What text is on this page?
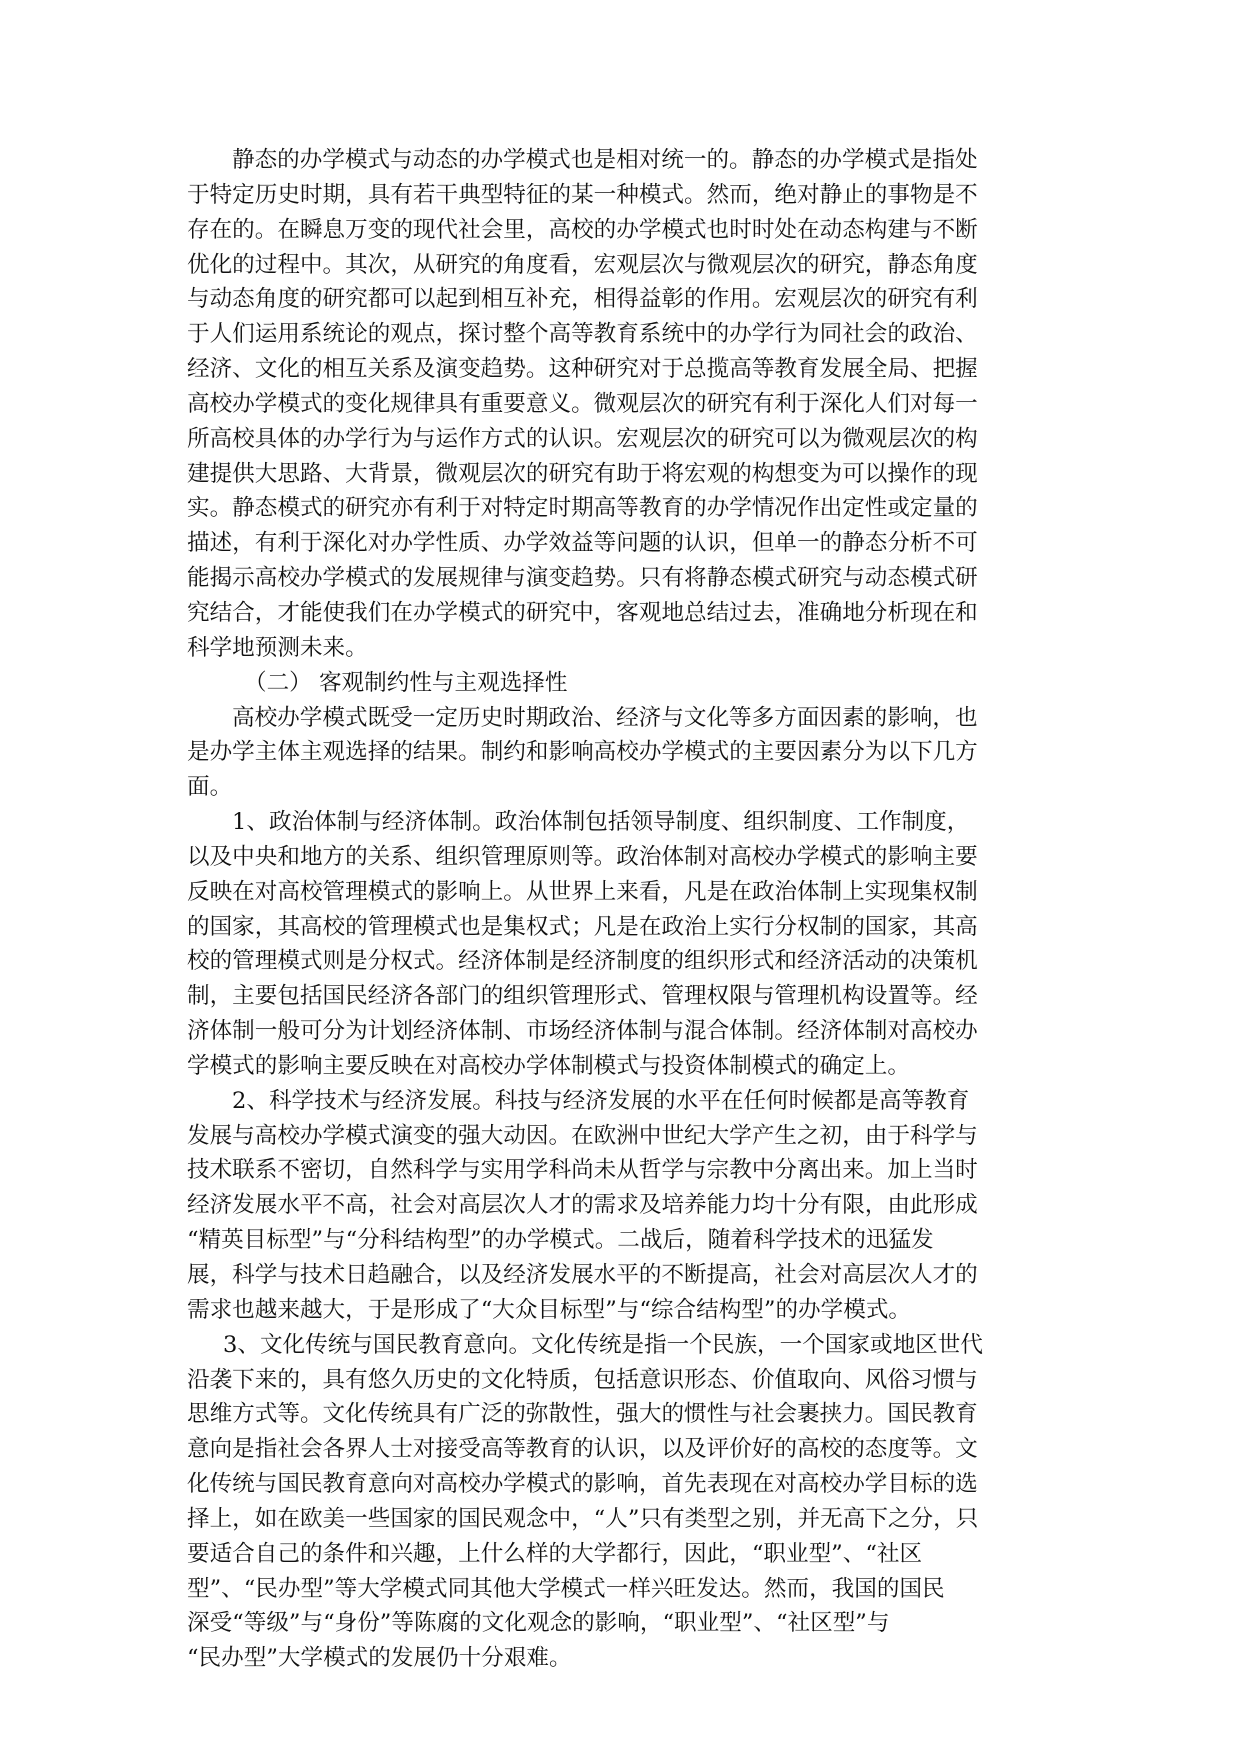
静态的办学模式与动态的办学模式也是相对统一的。静态的办学模式是指处
于特定历史时期，具有若干典型特征的某一种模式。然而，绝对静止的事物是不
存在的。在瞬息万变的现代社会里，高校的办学模式也时时处在动态构建与不断
优化的过程中。其次，从研究的角度看，宏观层次与微观层次的研究，静态角度
与动态角度的研究都可以起到相互补充，相得益彰的作用。宏观层次的研究有利
于人们运用系统论的观点，探讨整个高等教育系统中的办学行为同社会的政治、
经济、文化的相互关系及演变趋势。这种研究对于总揽高等教育发展全局、把握
高校办学模式的变化规律具有重要意义。微观层次的研究有利于深化人们对每一
所高校具体的办学行为与运作方式的认识。宏观层次的研究可以为微观层次的构
建提供大思路、大背景，微观层次的研究有助于将宏观的构想变为可以操作的现
实。静态模式的研究亦有利于对特定时期高等教育的办学情况作出定性或定量的
描述，有利于深化对办学性质、办学效益等问题的认识，但单一的静态分析不可
能揭示高校办学模式的发展规律与演变趋势。只有将静态模式研究与动态模式研
究结合，才能使我们在办学模式的研究中，客观地总结过去，准确地分析现在和
科学地预测未来。
（二） 客观制约性与主观选择性
高校办学模式既受一定历史时期政治、经济与文化等多方面因素的影响，也
是办学主体主观选择的结果。制约和影响高校办学模式的主要因素分为以下几方
面。
1、政治体制与经济体制。政治体制包括领导制度、组织制度、工作制度，
以及中央和地方的关系、组织管理原则等。政治体制对高校办学模式的影响主要
反映在对高校管理模式的影响上。从世界上来看，凡是在政治体制上实现集权制
的国家，其高校的管理模式也是集权式；凡是在政治上实行分权制的国家，其高
校的管理模式则是分权式。经济体制是经济制度的组织形式和经济活动的决策机
制，主要包括国民经济各部门的组织管理形式、管理权限与管理机构设置等。经
济体制一般可分为计划经济体制、市场经济体制与混合体制。经济体制对高校办
学模式的影响主要反映在对高校办学体制模式与投资体制模式的确定上。
2、科学技术与经济发展。科技与经济发展的水平在任何时候都是高等教育
发展与高校办学模式演变的强大动因。在欧洲中世纪大学产生之初，由于科学与
技术联系不密切，自然科学与实用学科尚未从哲学与宗教中分离出来。加上当时
经济发展水平不高，社会对高层次人才的需求及培养能力均十分有限，由此形成
“精英目标型”与“分科结构型”的办学模式。二战后，随着科学技术的迅猛发
展，科学与技术日趋融合，以及经济发展水平的不断提高，社会对高层次人才的
需求也越来越大，于是形成了“大众目标型”与“综合结构型”的办学模式。
3、文化传统与国民教育意向。文化传统是指一个民族，一个国家或地区世代
沿袭下来的，具有悠久历史的文化特质，包括意识形态、价值取向、风俗习惯与
思维方式等。文化传统具有广泛的弥散性，强大的惯性与社会裹挟力。国民教育
意向是指社会各界人士对接受高等教育的认识，以及评价好的高校的态度等。文
化传统与国民教育意向对高校办学模式的影响，首先表现在对高校办学目标的选
择上，如在欧美一些国家的国民观念中，“人”只有类型之别，并无高下之分，只
要适合自己的条件和兴趣，上什么样的大学都行，因此，“职业型”、“社区
型”、“民办型”等大学模式同其他大学模式一样兴旺发达。然而，我国的国民
深受“等级”与“身份”等陈腐的文化观念的影响，“职业型”、“社区型”与
“民办型”大学模式的发展仍十分艰难。
